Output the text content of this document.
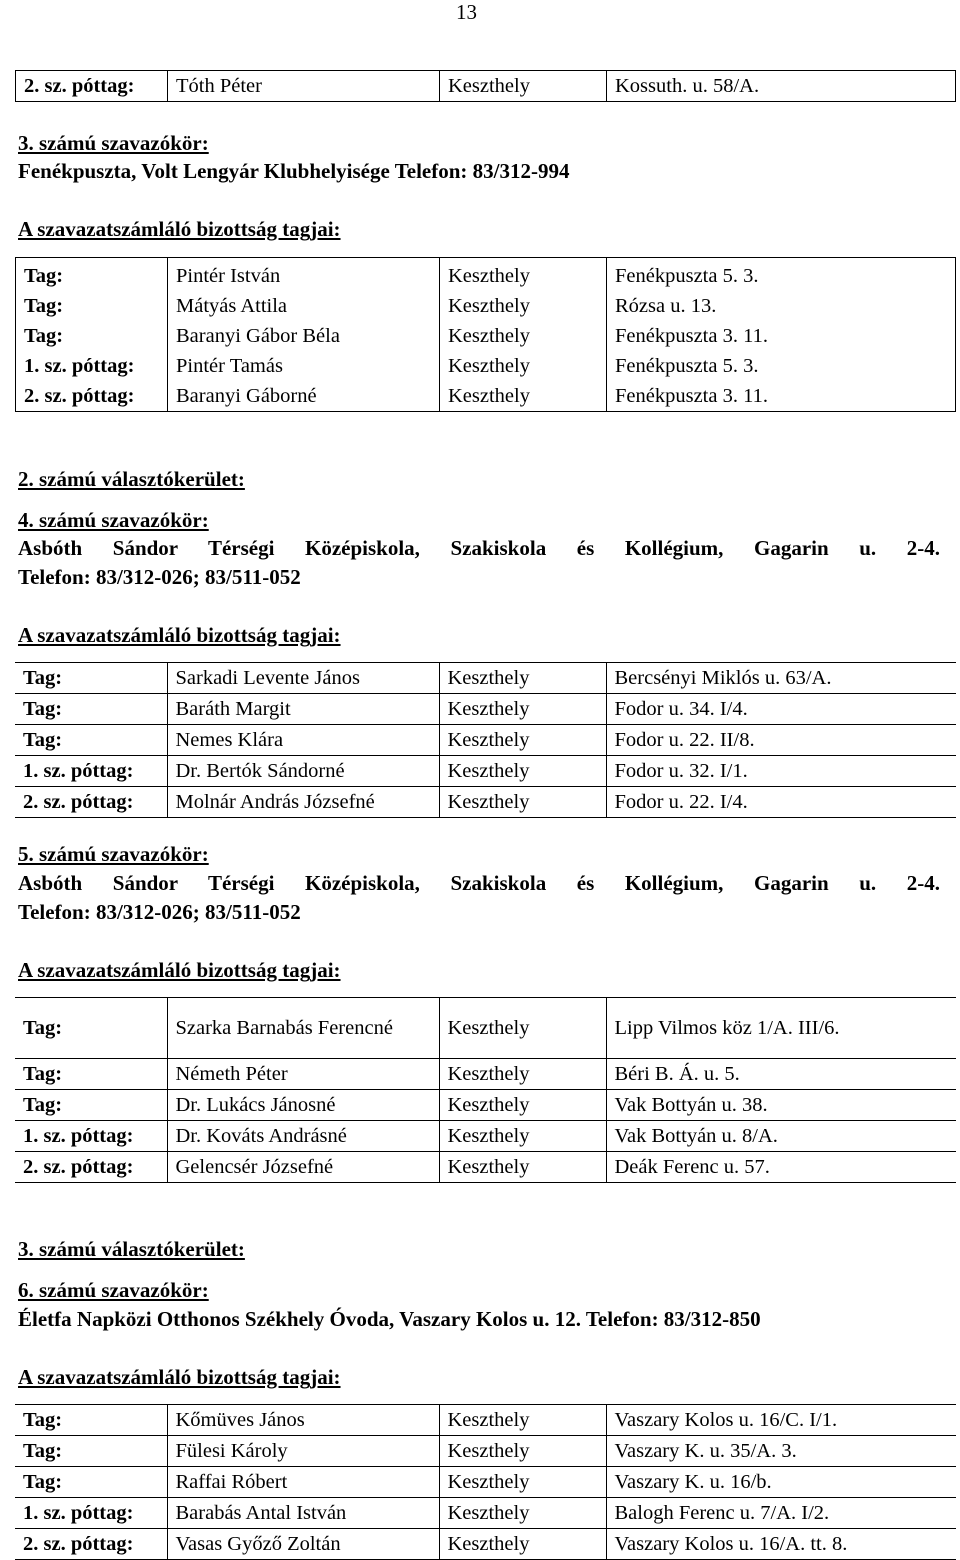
13
2. sz. póttag:	Tóth Péter	Keszthely	Kossuth. u. 58/A.
3. számú szavazókör:
Fenékpuszta, Volt Lengyár Klubhelyisége Telefon: 83/312-994
A szavazatszámláló bizottság tagjai:
Tag:	Pintér István	Keszthely	Fenékpuszta 5. 3.
Tag:	Mátyás Attila	Keszthely	Rózsa u. 13.
Tag:	Baranyi Gábor Béla	Keszthely	Fenékpuszta 3. 11.
1. sz. póttag:	Pintér Tamás	Keszthely	Fenékpuszta 5. 3.
2. sz. póttag:	Baranyi Gáborné	Keszthely	Fenékpuszta 3. 11.
2. számú választókerület:
4. számú szavazókör:
Asbóth Sándor Térségi Középiskola, Szakiskola és Kollégium, Gagarin u. 2-4.
Telefon: 83/312-026; 83/511-052
A szavazatszámláló bizottság tagjai:
Tag:	Sarkadi Levente János	Keszthely	Bercsényi Miklós u. 63/A.
Tag:	Baráth Margit	Keszthely	Fodor u. 34. I/4.
Tag:	Nemes Klára	Keszthely	Fodor u. 22. II/8.
1. sz. póttag:	Dr. Bertók Sándorné	Keszthely	Fodor u. 32. I/1.
2. sz. póttag:	Molnár András Józsefné	Keszthely	Fodor u. 22. I/4.
5. számú szavazókör:
Asbóth Sándor Térségi Középiskola, Szakiskola és Kollégium, Gagarin u. 2-4.
Telefon: 83/312-026; 83/511-052
A szavazatszámláló bizottság tagjai:
Tag:	Szarka Barnabás Ferencné	Keszthely	Lipp Vilmos köz 1/A. III/6.
Tag:	Németh Péter	Keszthely	Béri B. Á. u. 5.
Tag:	Dr. Lukács Jánosné	Keszthely	Vak Bottyán u. 38.
1. sz. póttag:	Dr. Kováts Andrásné	Keszthely	Vak Bottyán u. 8/A.
2. sz. póttag:	Gelencsér Józsefné	Keszthely	Deák Ferenc u. 57.
3. számú választókerület:
6. számú szavazókör:
Életfa Napközi Otthonos Székhely Óvoda, Vaszary Kolos u. 12. Telefon: 83/312-850
A szavazatszámláló bizottság tagjai:
Tag:	Kőmüves János	Keszthely	Vaszary Kolos u. 16/C. I/1.
Tag:	Fülesi Károly	Keszthely	Vaszary K. u. 35/A. 3.
Tag:	Raffai Róbert	Keszthely	Vaszary K. u. 16/b.
1. sz. póttag:	Barabás Antal István	Keszthely	Balogh Ferenc u. 7/A. I/2.
2. sz. póttag:	Vasas Győző Zoltán	Keszthely	Vaszary Kolos u. 16/A. tt. 8.
